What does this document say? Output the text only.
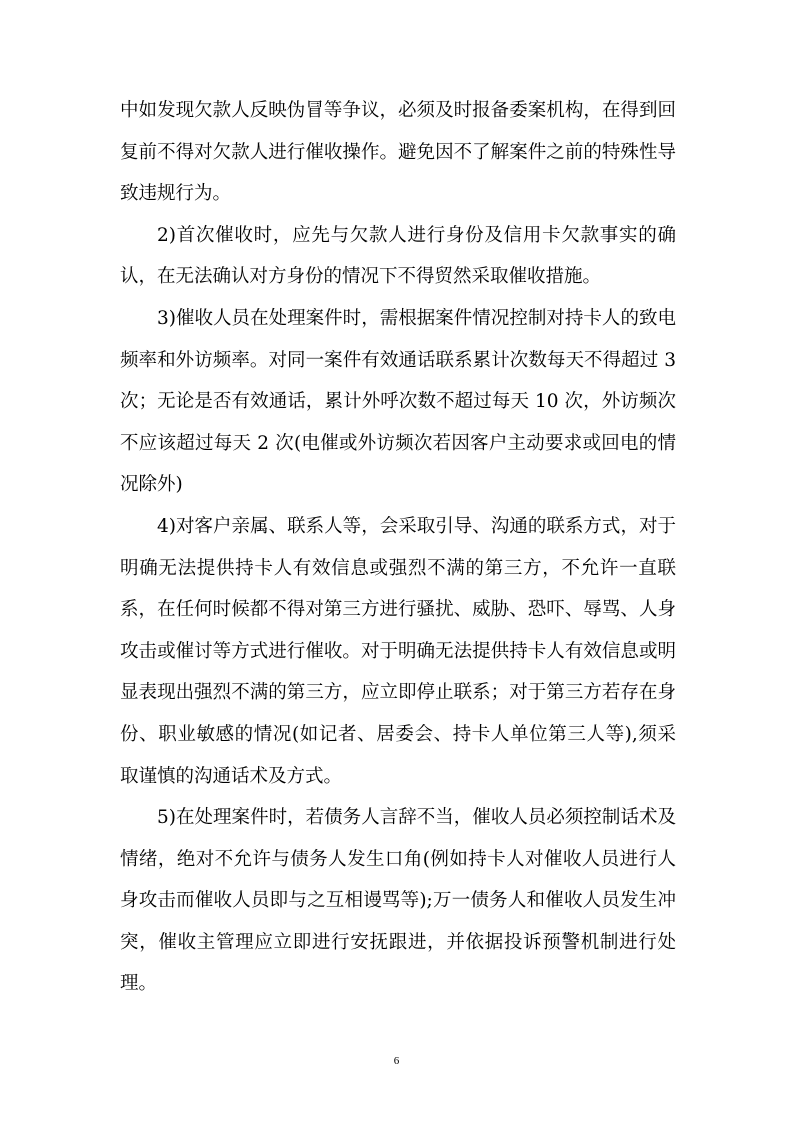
中如发现欠款人反映伪冒等争议，必须及时报备委案机构，在得到回复前不得对欠款人进行催收操作。避免因不了解案件之前的特殊性导致违规行为。

2)首次催收时，应先与欠款人进行身份及信用卡欠款事实的确认，在无法确认对方身份的情况下不得贸然采取催收措施。

3)催收人员在处理案件时，需根据案件情况控制对持卡人的致电频率和外访频率。对同一案件有效通话联系累计次数每天不得超过 3 次；无论是否有效通话，累计外呼次数不超过每天 10 次，外访频次不应该超过每天 2 次(电催或外访频次若因客户主动要求或回电的情况除外)

4)对客户亲属、联系人等，会采取引导、沟通的联系方式，对于明确无法提供持卡人有效信息或强烈不满的第三方，不允许一直联系，在任何时候都不得对第三方进行骚扰、威胁、恐吓、辱骂、人身攻击或催讨等方式进行催收。对于明确无法提供持卡人有效信息或明显表现出强烈不满的第三方，应立即停止联系；对于第三方若存在身份、职业敏感的情况(如记者、居委会、持卡人单位第三人等),须采取谨慎的沟通话术及方式。

5)在处理案件时，若债务人言辞不当，催收人员必须控制话术及情绪，绝对不允许与债务人发生口角(例如持卡人对催收人员进行人身攻击而催收人员即与之互相谩骂等);万一债务人和催收人员发生冲突，催收主管理应立即进行安抚跟进，并依据投诉预警机制进行处理。

6
